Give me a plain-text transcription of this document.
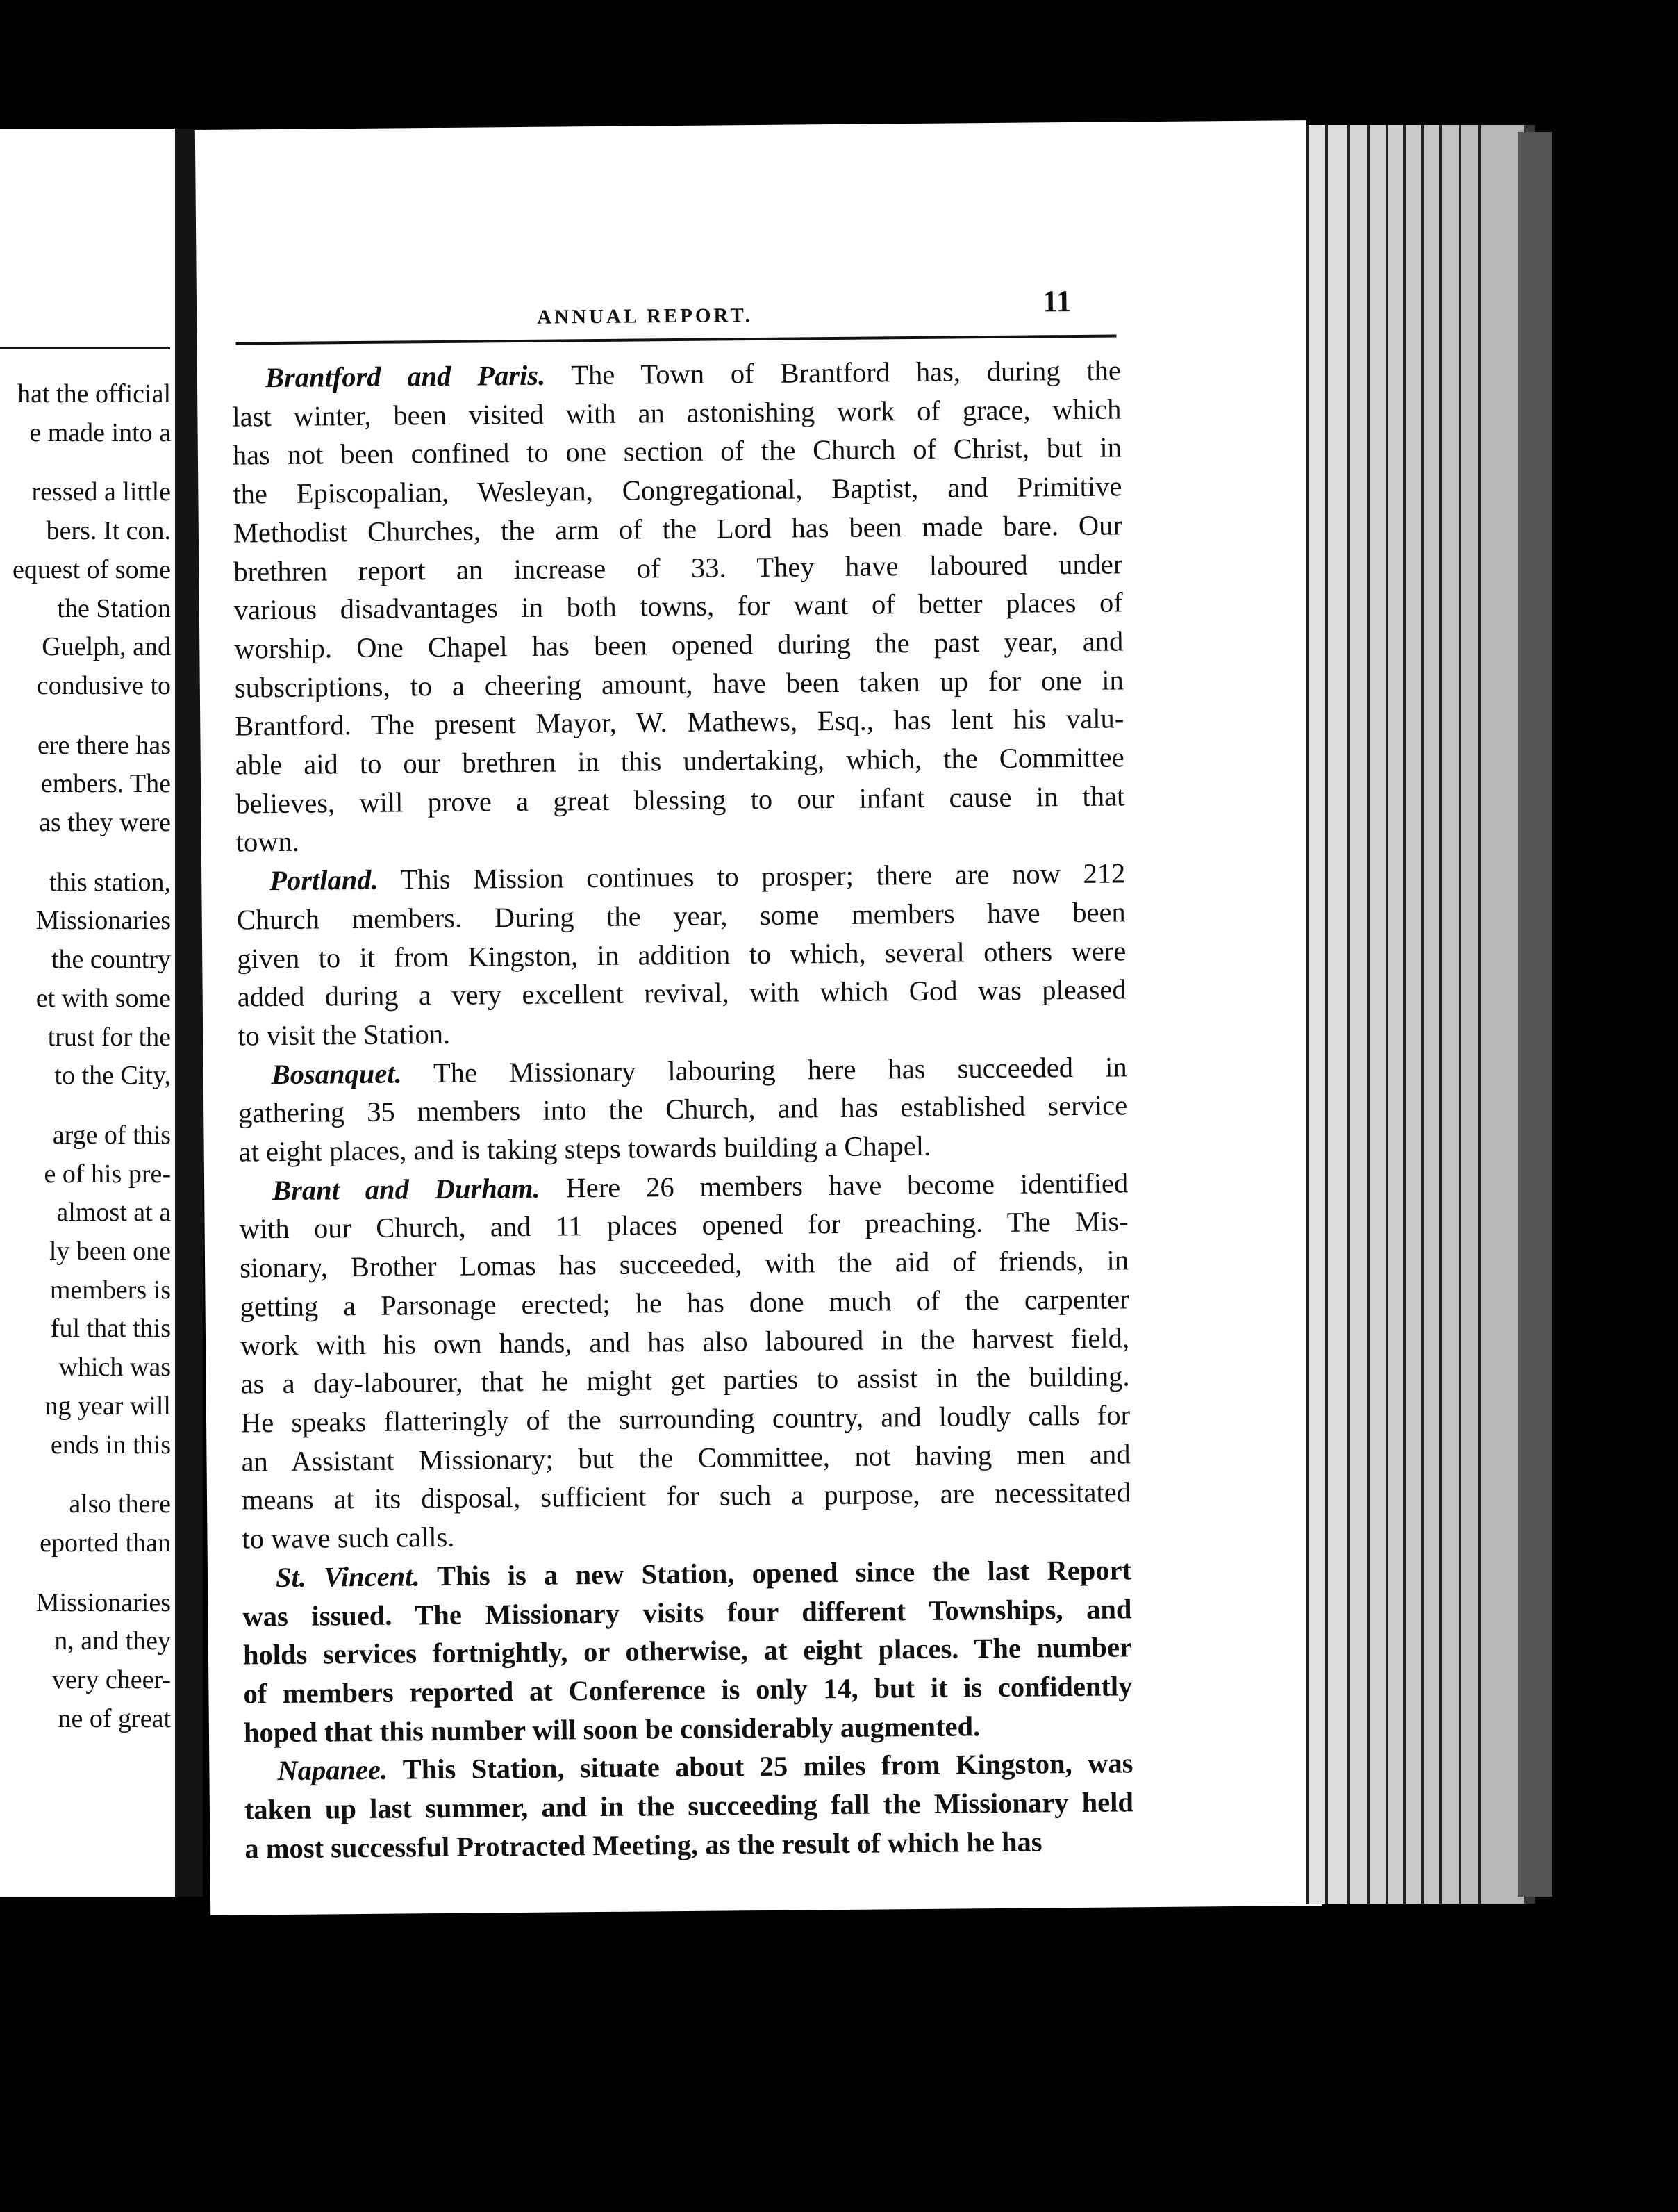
hat the official
e made into a
ressed a little
bers. It con.
equest of some
the Station
Guelph, and
condusive to
ere there has
embers. The
as they were
this station,
Missionaries
the country
et with some
trust for the
to the City,
arge of this
e of his pre-
almost at a
ly been one
members is
ful that this
which was
ng year will
ends in this
also there
eported than
Missionaries
n, and they
very cheer-
ne of great
ANNUAL REPORT.	11
Brantford and Paris. The Town of Brantford has, during the
last winter, been visited with an astonishing work of grace, which
has not been confined to one section of the Church of Christ, but in
the Episcopalian, Wesleyan, Congregational, Baptist, and Primitive
Methodist Churches, the arm of the Lord has been made bare. Our
brethren report an increase of 33. They have laboured under
various disadvantages in both towns, for want of better places of
worship. One Chapel has been opened during the past year, and
subscriptions, to a cheering amount, have been taken up for one in
Brantford. The present Mayor, W. Mathews, Esq., has lent his valu-
able aid to our brethren in this undertaking, which, the Committee
believes, will prove a great blessing to our infant cause in that
town.
Portland. This Mission continues to prosper; there are now 212
Church members. During the year, some members have been
given to it from Kingston, in addition to which, several others were
added during a very excellent revival, with which God was pleased
to visit the Station.
Bosanquet. The Missionary labouring here has succeeded in
gathering 35 members into the Church, and has established service
at eight places, and is taking steps towards building a Chapel.
Brant and Durham. Here 26 members have become identified
with our Church, and 11 places opened for preaching. The Mis-
sionary, Brother Lomas has succeeded, with the aid of friends, in
getting a Parsonage erected; he has done much of the carpenter
work with his own hands, and has also laboured in the harvest field,
as a day-labourer, that he might get parties to assist in the building.
He speaks flatteringly of the surrounding country, and loudly calls for
an Assistant Missionary; but the Committee, not having men and
means at its disposal, sufficient for such a purpose, are necessitated
to wave such calls.
St. Vincent. This is a new Station, opened since the last Report
was issued. The Missionary visits four different Townships, and
holds services fortnightly, or otherwise, at eight places. The number
of members reported at Conference is only 14, but it is confidently
hoped that this number will soon be considerably augmented.
Napanee. This Station, situate about 25 miles from Kingston, was
taken up last summer, and in the succeeding fall the Missionary held
a most successful Protracted Meeting, as the result of which he has
